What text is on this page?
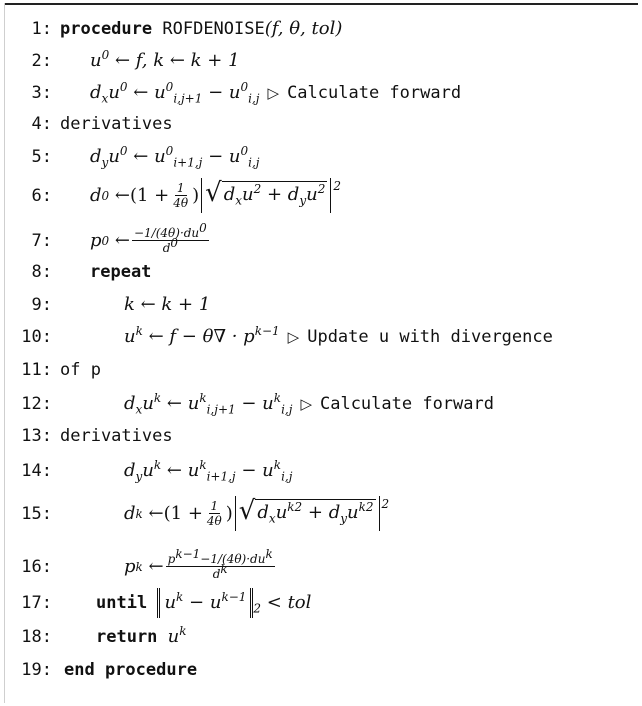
1: procedure
ROFDENOISE (f, θ, tol)
2:	$u^0$ ← f, k ← k + 1
3:	$d_xu^0$ ← $u^0_{i,j+1} - u^0_{i,j}$ ▷ Calculate forward
4: derivatives
5:	$d_yu^0$ ← $u^0_{i+1,j} - u^0_{i,j}$
6:	d 0 ← ($1 + \frac{1}{4\theta}$ ) √ $d_xu^2 + d_yu^2$ $^2$
7:	p 0 ← $\frac{-1/(4\theta)\cdot du^0}{d^0}$
8:	repeat
9:	k ← k + 1
10:	$u^k$ ← $f - \theta\nabla \cdot p^{k-1}$ ▷ Update u with divergence
11: of p
12:	$d_xu^k$ ← $u^k_{i,j+1} - u^k_{i,j}$ ▷ Calculate forward
13: derivatives
14:	$d_yu^k$ ← $u^k_{i+1,j} - u^k_{i,j}$
15:	d k ← ($1 + \frac{1}{4\theta}$ ) √ $d_xu^{k2} + d_yu^{k2}$ $^2$
16:	p k ← $\frac{p^{k-1}-1/(4\theta)\cdot du^k}{d^k}$
17:	until
$u^k - u^{k-1}_2$ < tol
18:	return
$u^k$
19: end procedure
